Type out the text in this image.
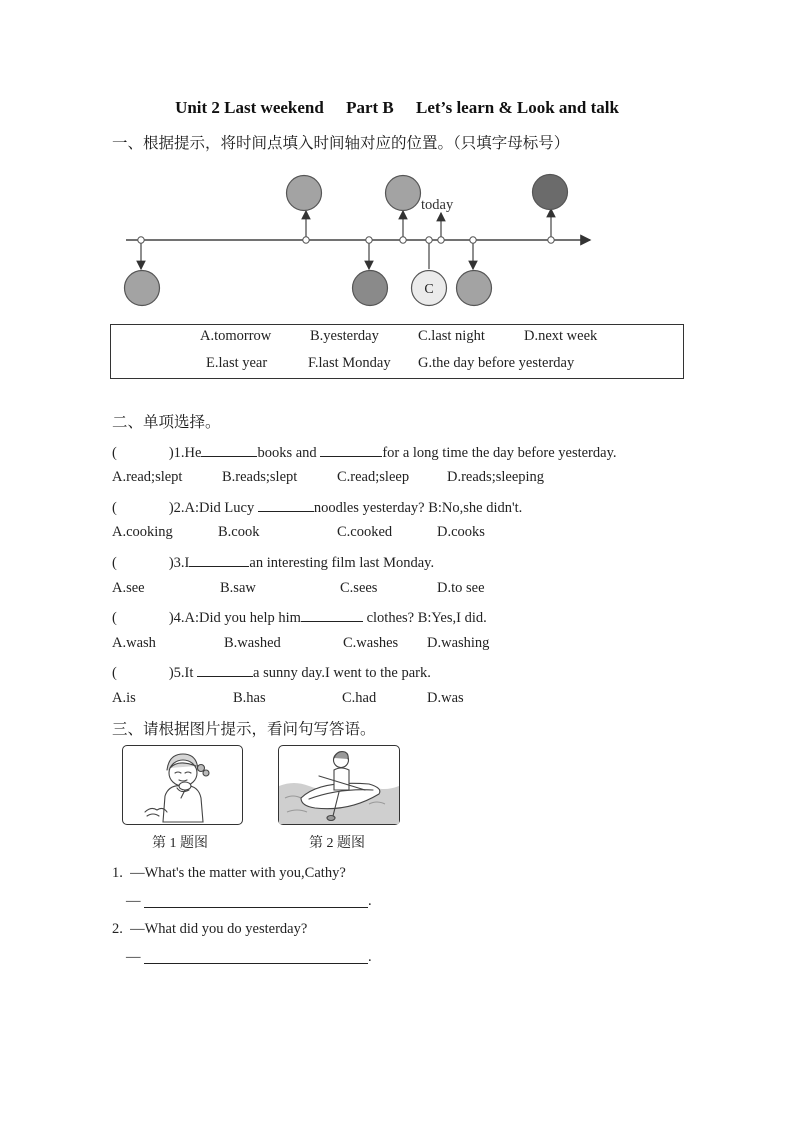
Unit 2 Last weekend Part B Let’s learn & Look and talk
一、根据提示，将时间点填入时间轴对应的位置。（只填字母标号）
today
C
A.tomorrow	B.yesterday	C.last night	D.next week
E.last year	F.last Monday G.the day before yesterday
二、单项选择。
(	)1.He	books and	for a long time the day before yesterday.
A.read;slept	B.reads;slept	C.read;sleep	D.reads;sleeping
(	)2.A:Did Lucy	noodles yesterday? B:No,she didn't.
A.cooking	B.cook	C.cooked	D.cooks
(	)3.I	an interesting film last Monday.
A.see	B.saw	C.sees	D.to see
(	)4.A:Did you help him	clothes? B:Yes,I did.
A.wash	B.washed	C.washes D.washing
(	)5.It	a sunny day.I went to the park.
A.is	B.has	C.had	D.was
三、请根据图片提示，看问句写答语。
第 1 题图	第 2 题图
1. —What's the matter with you,Cathy?
—	.
2. —What did you do yesterday?
—	.
